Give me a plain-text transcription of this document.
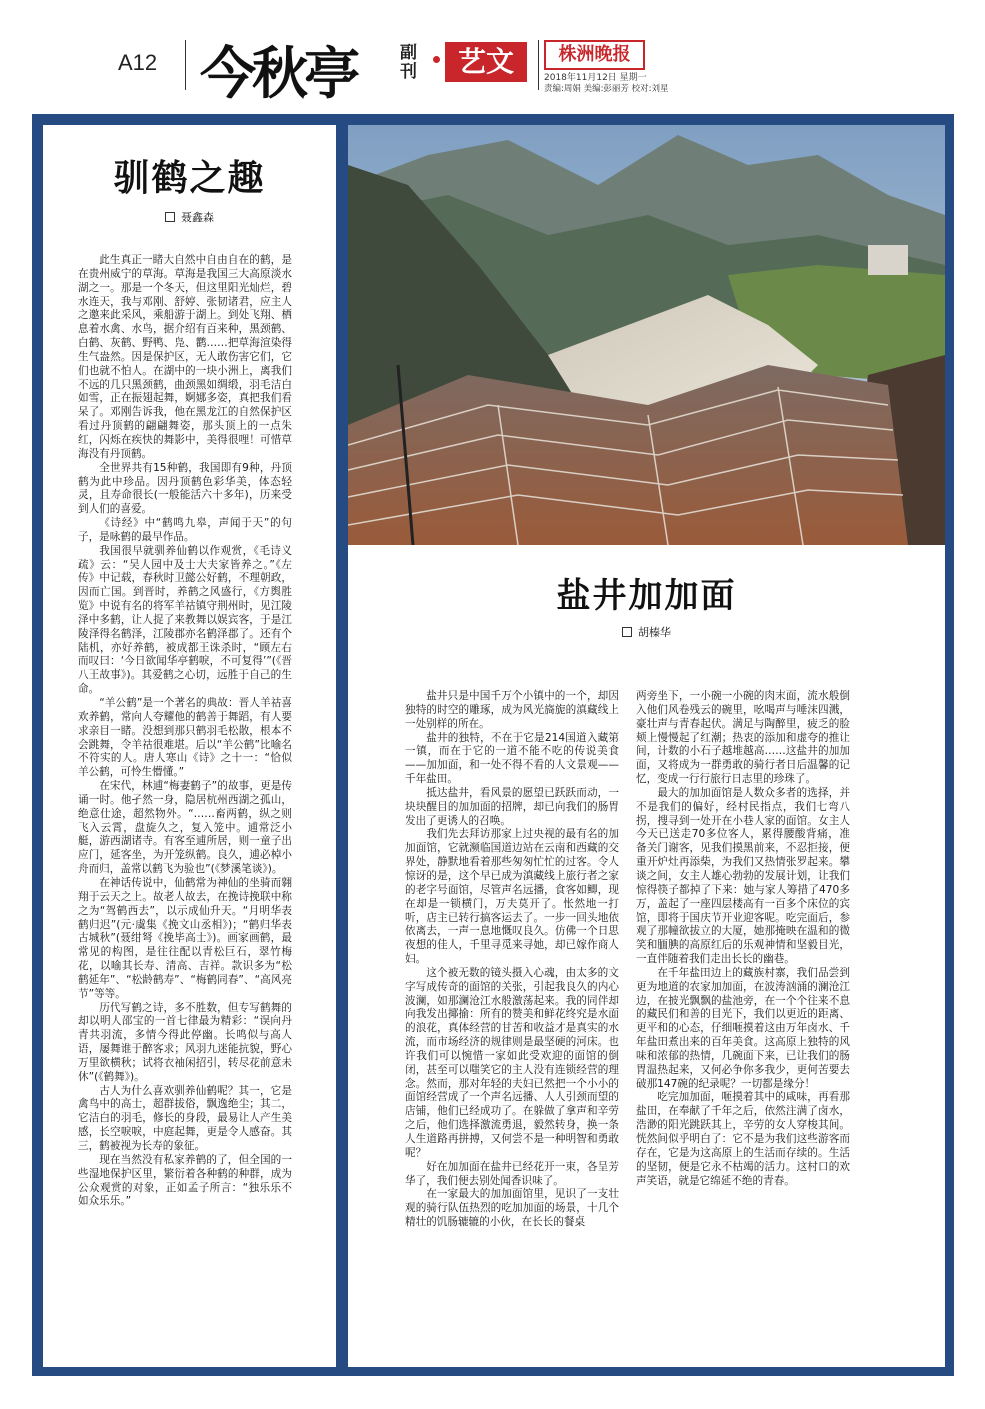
A12 今秋亭	副刊	艺文	株洲晚报
2018年11月12日 星期一
责编:周娟 美编:彭丽芳 校对:刘星
驯鹤之趣
聂鑫森

此生真正一睹大自然中自由自在的鹤，是在贵州威宁的草海。草海是我国三大高原淡水湖之一。那是一个冬天，但这里阳光灿烂，碧水连天，我与邓刚、舒婷、张韧诸君，应主人之邀来此采风，乘船游于湖上。到处飞翔、栖息着水禽、水鸟，据介绍有百来种，黑颈鹤、白鹤、灰鹤、野鸭、凫、鹳……把草海渲染得生气盎然。因是保护区，无人敢伤害它们，它们也就不怕人。在湖中的一块小洲上，离我们不远的几只黑颈鹤，曲颈黑如绸缎，羽毛洁白如雪，正在振翅起舞，婀娜多姿，真把我们看呆了。邓刚告诉我，他在黑龙江的自然保护区看过丹顶鹤的翩翩舞姿，那头顶上的一点朱红，闪烁在疾快的舞影中，美得很哩！可惜草海没有丹顶鹤。

全世界共有15种鹤，我国即有9种，丹顶鹤为此中珍品。因丹顶鹤色彩华美，体态轻灵，且寿命很长(一般能活六十多年)，历来受到人们的喜爱。

《诗经》中“鹤鸣九皋，声闻于天”的句子，是咏鹤的最早作品。

我国很早就驯养仙鹤以作观赏，《毛诗义疏》云：“吴人园中及士大夫家皆养之。”《左传》中记载，春秋时卫懿公好鹤，不理朝政，因而亡国。到晋时，养鹤之风盛行，《方舆胜览》中说有名的将军羊祜镇守荆州时，见江陵泽中多鹤，让人捉了来教舞以娱宾客，于是江陵泽得名鹤泽，江陵郡亦名鹤泽郡了。还有个陆机，亦好养鹤，被成都王诛杀时，“顾左右而叹曰：‘今日欲闻华亭鹤唳，不可复得’”(《晋八王故事》)。其爱鹤之心切，远胜于自己的生命。

“羊公鹤”是一个著名的典故：晋人羊祜喜欢养鹤，常向人夸耀他的鹤善于舞蹈，有人要求亲目一睹。没想到那只鹤羽毛松散，根本不会跳舞，令羊祜很难堪。后以“羊公鹤”比喻名不符实的人。唐人寒山《诗》之十一：“恰似羊公鹤，可怜生懵懂。”

在宋代，林逋“梅妻鹤子”的故事，更是传诵一时。他孑然一身，隐居杭州西湖之孤山，绝意仕途，超然物外。“……畜两鹤，纵之则飞入云霄，盘旋久之，复入笼中。逋常泛小艇，游西湖诸寺。有客至逋所居，则一童子出应门，延客坐，为开笼纵鹤。良久，逋必棹小舟而归，盖常以鹤飞为验也”(《梦溪笔谈》)。

在神话传说中，仙鹤常为神仙的坐骑而翱翔于云天之上。故老人故去，在挽诗挽联中称之为“驾鹤西去”，以示成仙升天。“月明华表鹤归迟”(元·虞集《挽文山丞相》)；“鹤归华表古城秋”(聂绀弩《挽毕高士》)。画家画鹤，最常见的构图，是往往配以青松巨石，翠竹梅花，以喻其长寿、清高、吉祥。款识多为“松鹤延年”、“松龄鹤寿”、“梅鹤同春”、“高风亮节”等等。

历代写鹤之诗，多不胜数，但专写鹤舞的却以明人邵宝的一首七律最为精彩：“误向丹青共羽流，多情今得此停幽。长鸣似与高人语，屡舞谁于醉客求；风羽九迷能抗貌，野心万里欲横秋；试将衣袖闲招引，转尽花前意未休”(《鹤舞》)。

古人为什么喜欢驯养仙鹤呢？其一，它是禽鸟中的高士，超群拔俗，飘逸绝尘；其二，它洁白的羽毛，修长的身段，最易让人产生美感，长空唳唳，中庭起舞，更是令人感奋。其三，鹤被视为长寿的象征。

现在当然没有私家养鹤的了，但全国的一些湿地保护区里，繁衍着各种鹤的种群，成为公众观赏的对象，正如孟子所言：“独乐乐不如众乐乐。”

盐井加加面
胡榛华

盐井只是中国千万个小镇中的一个，却因独特的时空的雕琢，成为风光旖旎的滇藏线上一处别样的所在。

盐井的独特，不在于它是214国道入藏第一镇，而在于它的一道不能不吃的传说美食——加加面，和一处不得不看的人文景观——千年盐田。

抵达盐井，看风景的愿望已跃跃而动，一块块醒目的加加面的招牌，却已向我们的肠胃发出了更诱人的召唤。

我们先去拜访那家上过央视的最有名的加加面馆，它就濒临国道边站在云南和西藏的交界处，静默地看着那些匆匆忙忙的过客。令人惊讶的是，这个早已成为滇藏线上旅行者之家的老字号面馆，尽管声名远播，食客如鲫，现在却是一锁横门，万夫莫开了。怅然地一打听，店主已转行搞客运去了。一步一回头地依依离去，一声一息地慨叹良久。仿佛一个日思夜想的佳人，千里寻觅来寻她，却已嫁作商人妇。

这个被无数的镜头摄入心魂，由太多的文字写成传奇的面馆的关张，引起我良久的内心波澜，如那澜沧江水般激荡起来。我的同伴却向我发出揶揄：所有的赞美和鲜花终究是水面的浪花，真体经营的甘苦和收益才是真实的水流，而市场经济的规律则是最坚硬的河床。也许我们可以惋惜一家如此受欢迎的面馆的倒闭，甚至可以嗤笑它的主人没有连锁经营的理念。然而，那对年轻的夫妇已然把一个小小的面馆经营成了一个声名远播、人人引颈而望的店铺，他们已经成功了。在躲做了拿声和辛劳之后，他们选择激流勇退，毅然转身，换一条人生道路再拼搏，又何尝不是一种明智和勇敢呢？

好在加加面在盐井已经花开一束，各呈芳华了，我们便去别处闻香识味了。

在一家最大的加加面馆里，见识了一支壮观的骑行队伍热烈的吃加加面的场景，十几个精壮的饥肠辘辘的小伙，在长长的餐桌

两旁坐下，一小碗一小碗的肉末面，流水般倒入他们风卷残云的碗里，吆喝声与唾沫四溅，豪壮声与青春起伏。满足与陶醉里，疲乏的脸颊上慢慢起了红潮；热衷的添加和虚夸的推让间，计数的小石子越堆越高……这盐井的加加面，又将成为一群勇敢的骑行者日后温馨的记忆，变成一行行旅行日志里的珍珠了。

最大的加加面馆是人数众多者的选择，并不是我们的偏好，经村民指点，我们七弯八拐，搜寻到一处开在小巷人家的面馆。女主人今天已送走70多位客人，累得腰酸背痛，准备关门谢客，见我们摸黑前来，不忍拒接，便重开炉灶再添柴，为我们又热情张罗起来。攀谈之间，女主人雄心勃勃的发展计划，让我们惊得筷子都掉了下来：她与家人筹措了470多万，盖起了一座四层楼高有一百多个床位的宾馆，即将于国庆节开业迎客呢。吃完面后，参观了那幢欲拔立的大厦，她那掩映在温和的微笑和腼腆的高原红后的乐观神情和坚毅目光，一直伴随着我们走出长长的幽巷。

在千年盐田边上的藏族村寨，我们品尝到更为地道的农家加加面，在波涛汹涌的澜沧江边，在披光飘飘的盐池旁，在一个个往来不息的藏民们和善的目光下，我们以更近的距离、更平和的心态，仔细咂摸着这由万年卤水、千年盐田煮出来的百年美食。这高原上独特的风味和浓郁的热情，几碗面下来，已让我们的肠胃温热起来，又何必争你多我少，更何苦要去破那147碗的纪录呢？一切都是缘分！

吃完加加面，咂摸着其中的咸味，再看那盐田，在奉献了千年之后，依然注满了卤水，浩渺的阳光跳跃其上，辛劳的女人穿梭其间。恍然间似乎明白了：它不是为我们这些游客而存在，它是为这高原上的生活而存续的。生活的坚韧，便是它永不枯竭的活力。这村口的欢声笑语，就是它绵延不绝的青春。
